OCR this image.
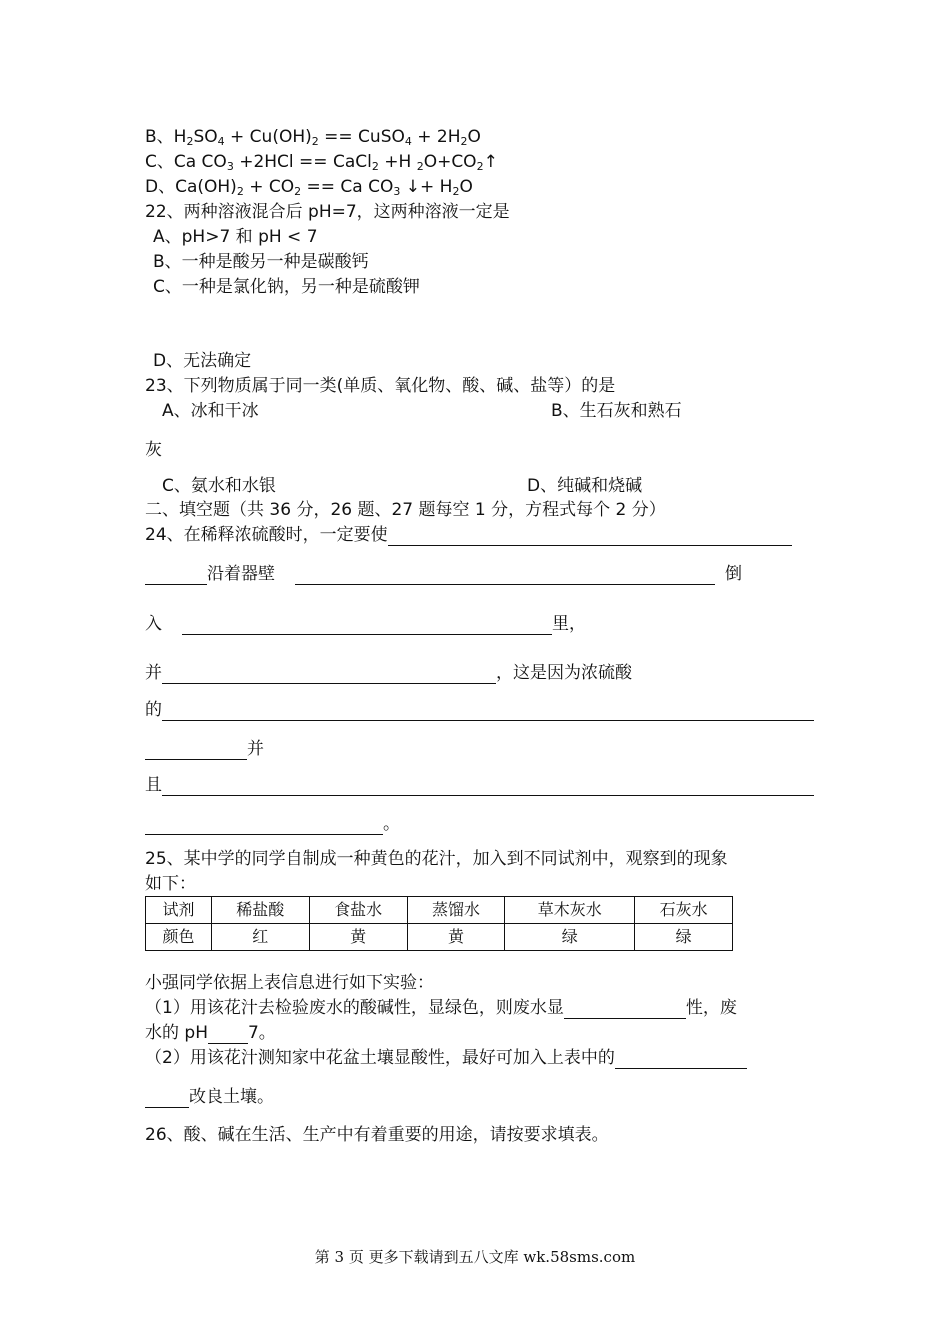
B、$H_2SO_4 + Cu(OH)_2$ == CuSO$_4$ + $2H_2O$
C、Ca $CO_3 +2HCl$ == CaCl$_2$ +H $_2O+CO_2↑$
D、$Ca(OH)_2 + CO_2 == Ca$ $CO_3$ ↓+ $H_2O$
22、两种溶液混合后 pH=7，这两种溶液一定是
A、pH>7 和 pH < 7
B、一种是酸另一种是碳酸钙
C、一种是氯化钠，另一种是硫酸钾
D、无法确定
23、下列物质属于同一类(单质、氧化物、酸、碱、盐等）的是
A、冰和干冰	B、生石灰和熟石
灰
C、氨水和水银	D、纯碱和烧碱
二、填空题（共 36 分，26 题、27 题每空 1 分，方程式每个 2 分）
24、在稀释浓硫酸时，一定要使
沿着器壁	倒
入	里，
并	，这是因为浓硫酸
的
并
且
。
25、某中学的同学自制成一种黄色的花汁，加入到不同试剂中，观察到的现象
如下：
试剂	稀盐酸	食盐水	蒸馏水	草木灰水	石灰水
颜色	红	黄	黄	绿	绿
小强同学依据上表信息进行如下实验：
（1）用该花汁去检验废水的酸碱性，显绿色，则废水显	性，废
水的 pH 7。
（2）用该花汁测知家中花盆土壤显酸性，最好可加入上表中的
改良土壤。
26、酸、碱在生活、生产中有着重要的用途，请按要求填表。
第 3 页 更多下载请到五八文库 wk.58sms.com
